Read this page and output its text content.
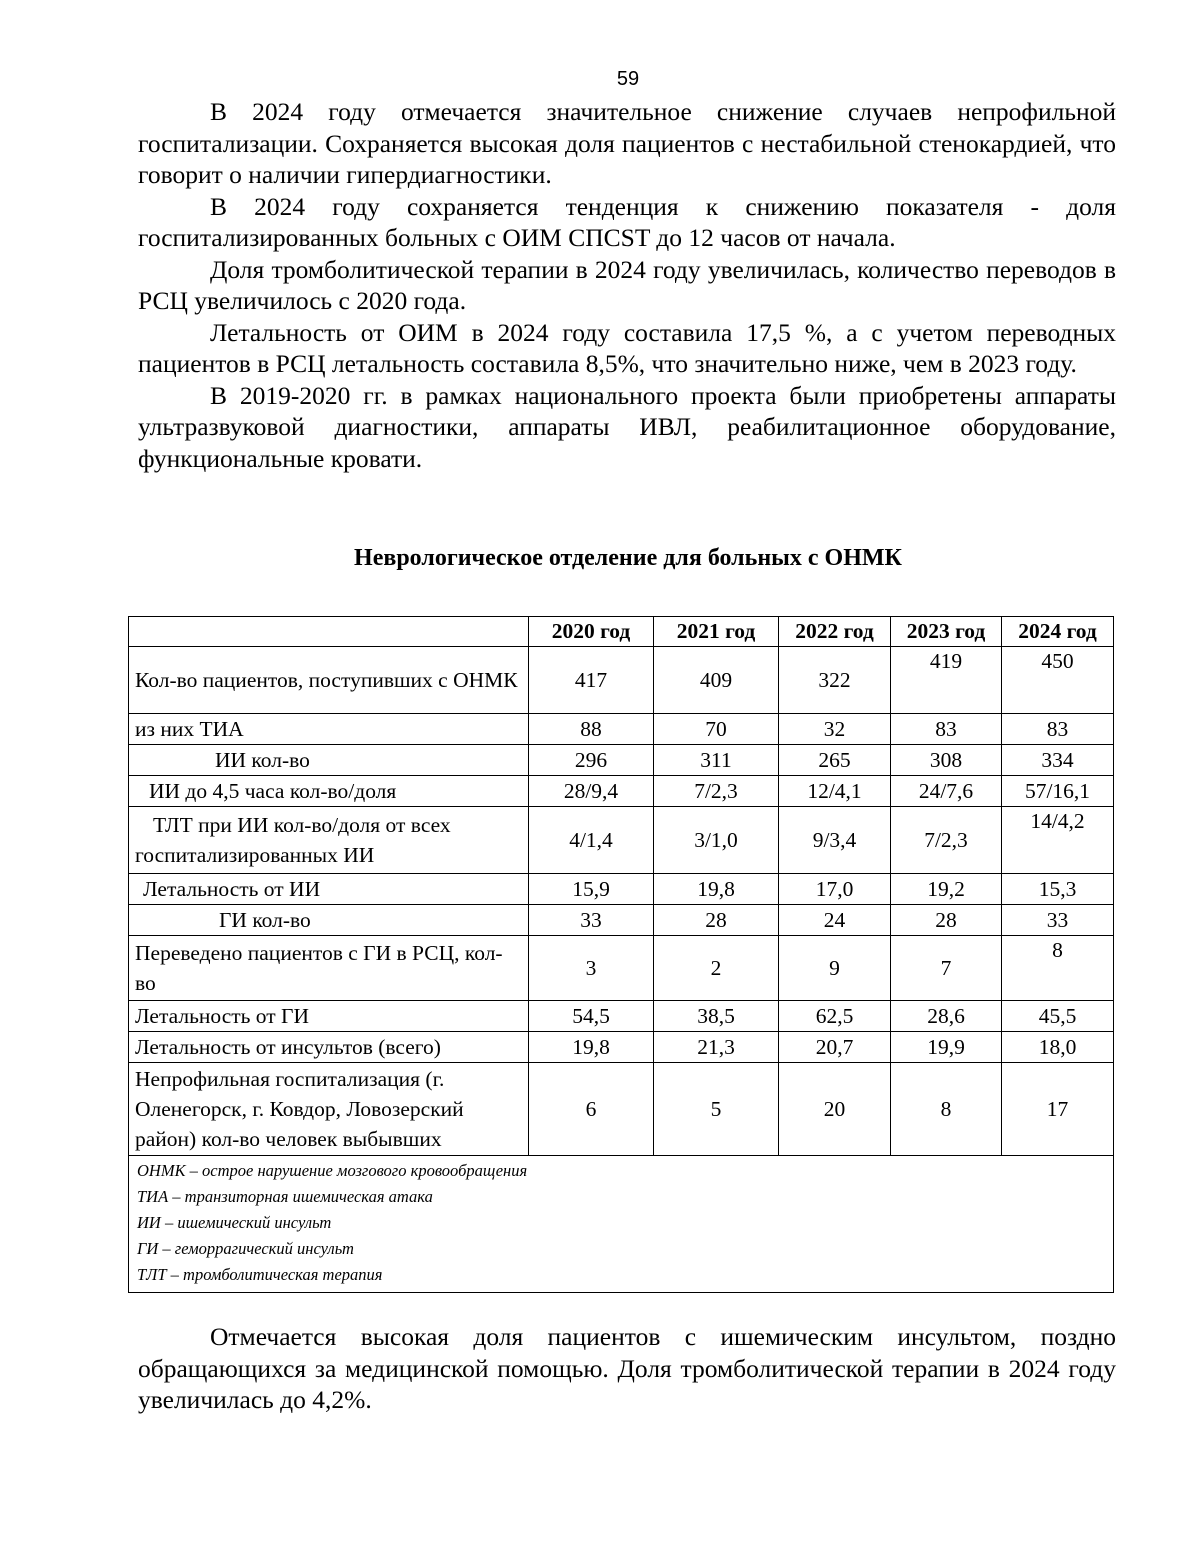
59

В 2024 году отмечается значительное снижение случаев непрофильной госпитализации. Сохраняется высокая доля пациентов с нестабильной стенокардией, что говорит о наличии гипердиагностики.

В 2024 году сохраняется тенденция к снижению показателя - доля госпитализированных больных с ОИМ СПСST до 12 часов от начала.

Доля тромболитической терапии в 2024 году увеличилась, количество переводов в РСЦ увеличилось с 2020 года.

Летальность от ОИМ в 2024 году составила 17,5 %, а с учетом переводных пациентов в РСЦ летальность составила 8,5%, что значительно ниже, чем в 2023 году.

В 2019-2020 гг. в рамках национального проекта были приобретены аппараты ультразвуковой диагностики, аппараты ИВЛ, реабилитационное оборудование, функциональные кровати.

Неврологическое отделение для больных с ОНМК
	2020 год	2021 год	2022 год	2023 год	2024 год
Кол-во пациентов, поступивших с ОНМК	417	409	322	419	450
из них ТИА	88	70	32	83	83
ИИ кол-во	296	311	265	308	334
ИИ до 4,5 часа кол-во/доля	28/9,4	7/2,3	12/4,1	24/7,6	57/16,1

ТЛТ при ИИ кол-во/доля от всех госпитализированных ИИ	4/1,4	3/1,0	9/3,4	7/2,3	14/4,2
Летальность от ИИ	15,9	19,8	17,0	19,2	15,3
ГИ кол-во	33	28	24	28	33
Переведено пациентов с ГИ в РСЦ, кол-во	3	2	9	7	8
Летальность от ГИ	54,5	38,5	62,5	28,6	45,5
Летальность от инсультов (всего)	19,8	21,3	20,7	19,9	18,0
Непрофильная госпитализация (г. Оленегорск, г. Ковдор, Ловозерский район) кол-во человек выбывших	6	5	20	8	17

ОНМК – острое нарушение мозгового кровообращения
ТИА – транзиторная ишемическая атака
ИИ – ишемический инсульт
ГИ – геморрагический инсульт
ТЛТ – тромболитическая терапия					

Отмечается высокая доля пациентов с ишемическим инсультом, поздно обращающихся за медицинской помощью. Доля тромболитической терапии в 2024 году увеличилась до 4,2%.
